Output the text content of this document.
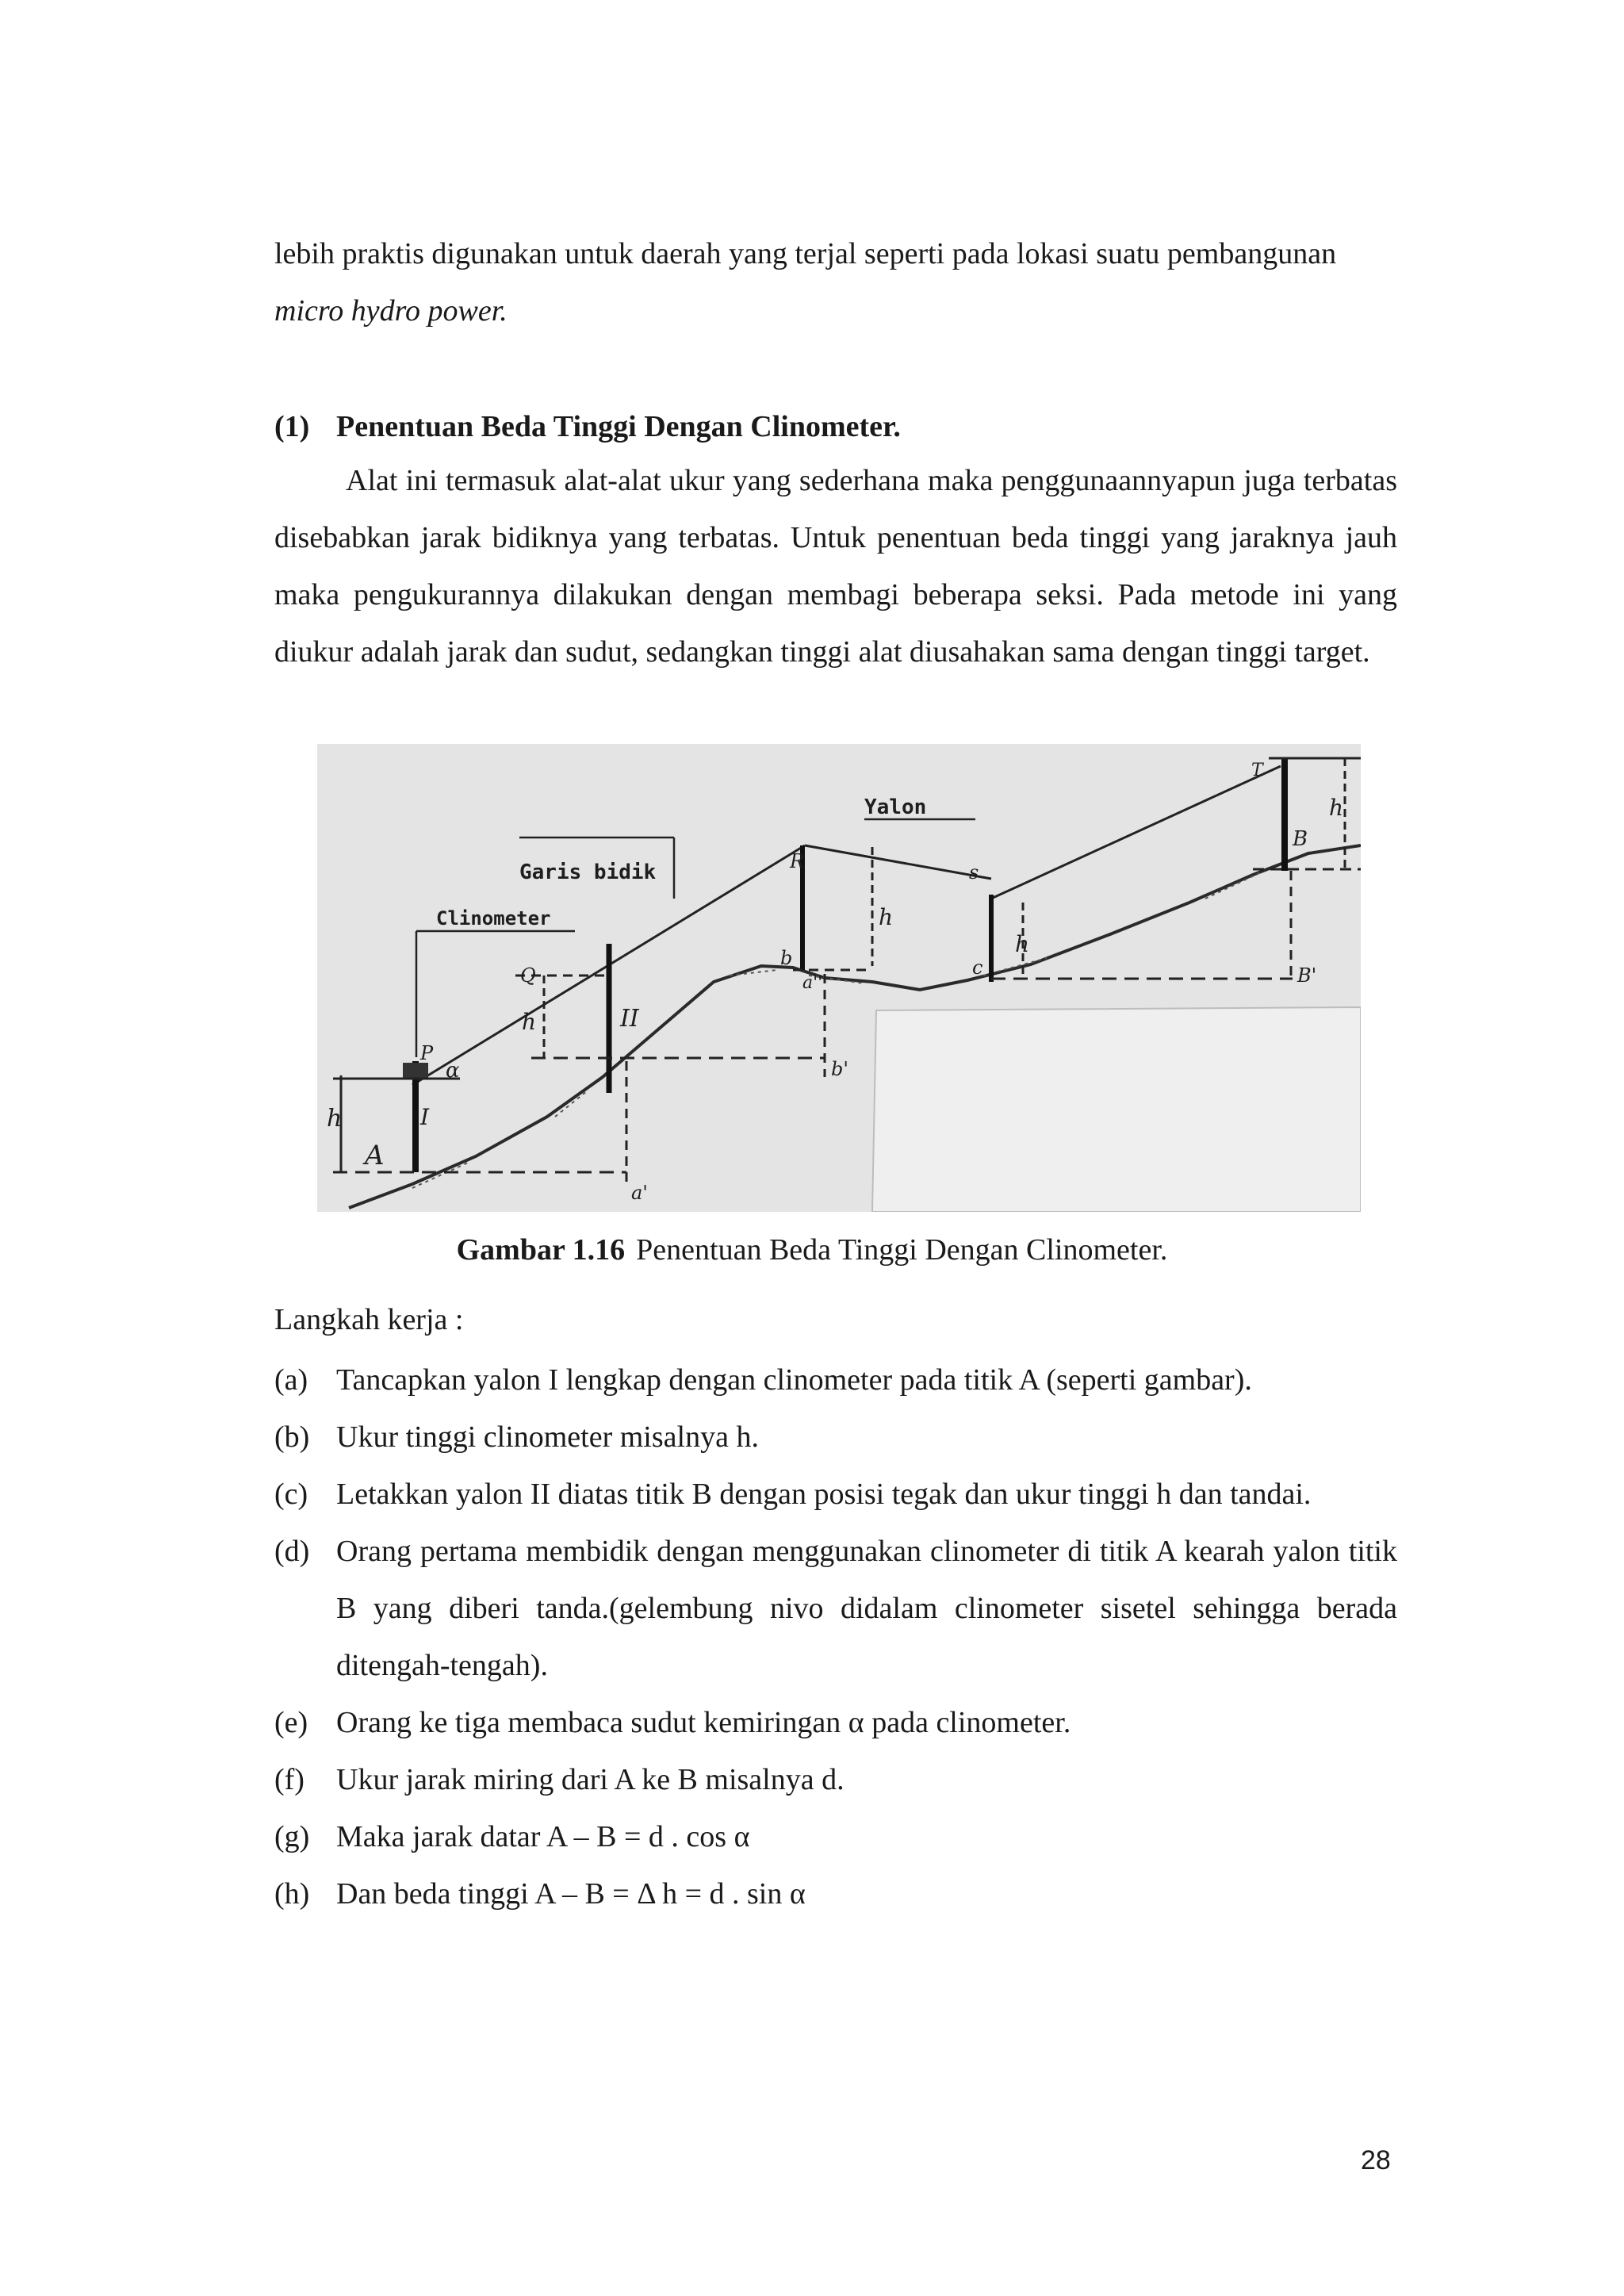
lebih praktis digunakan untuk daerah yang terjal seperti pada lokasi suatu pembangunan
micro hydro power.
(1) Penentuan Beda Tinggi Dengan Clinometer.
Alat ini termasuk alat-alat ukur yang sederhana maka penggunaannyapun juga terbatas disebabkan jarak bidiknya yang terbatas. Untuk penentuan beda tinggi yang jaraknya jauh maka pengukurannya dilakukan dengan membagi beberapa seksi. Pada metode ini yang diukur adalah jarak dan sudut, sedangkan tinggi alat diusahakan sama dengan tinggi target.
Garis bidik
Clinometer
Yalon
A
h	I
P
α
a'
Q
h	II
b
a''
b'
R
h
s
c
h
T
B
h
B'
Gambar 1.16 Penentuan Beda Tinggi Dengan Clinometer.
Langkah kerja :
(a) Tancapkan yalon I lengkap dengan clinometer pada titik A (seperti gambar).
(b) Ukur tinggi clinometer misalnya h.
(c) Letakkan yalon II diatas titik B dengan posisi tegak dan ukur tinggi h dan tandai.
(d) Orang pertama membidik dengan menggunakan clinometer di titik A kearah yalon titik B yang diberi tanda.(gelembung nivo didalam clinometer sisetel sehingga berada ditengah-tengah).
(e) Orang ke tiga membaca sudut kemiringan α pada clinometer.
(f)	Ukur jarak miring dari A ke B misalnya d.
(g) Maka jarak datar A – B = d . cos α
(h) Dan beda tinggi A – B = Δ h = d . sin α
28
